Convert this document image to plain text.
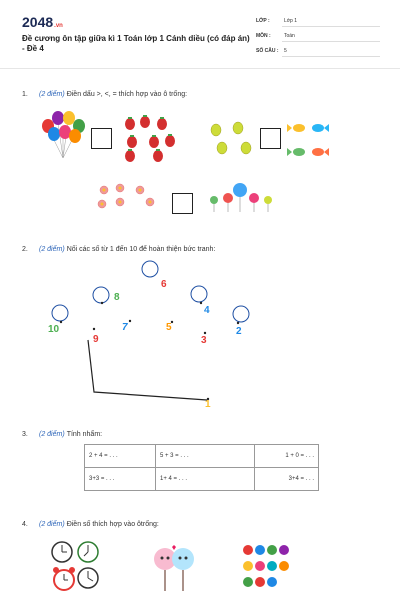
2048.vn
Đề cương ôn tập giữa kì 1 Toán lớp 1 Cánh diều (có đáp án) - Đề 4
LỚP :	Lớp 1
MÔN :	Toán
SỐ CÂU : 5
1. (2 điểm) Điền dấu >, <, = thích hợp vào ô trống:
2. (2 điểm) Nối các số từ 1 đến 10 để hoàn thiện bức tranh:
6
8
4
10	7	5	2
9	3
1
3. (2 điểm) Tính nhẩm:
2 + 4 = . . .	5 + 3 = . . .	1 + 0 = . . .
3+3 = . . .	1+ 4 = . . .	3+4 = . . .
4. (2 điểm) Điền số thích hợp vào ôtrống:
